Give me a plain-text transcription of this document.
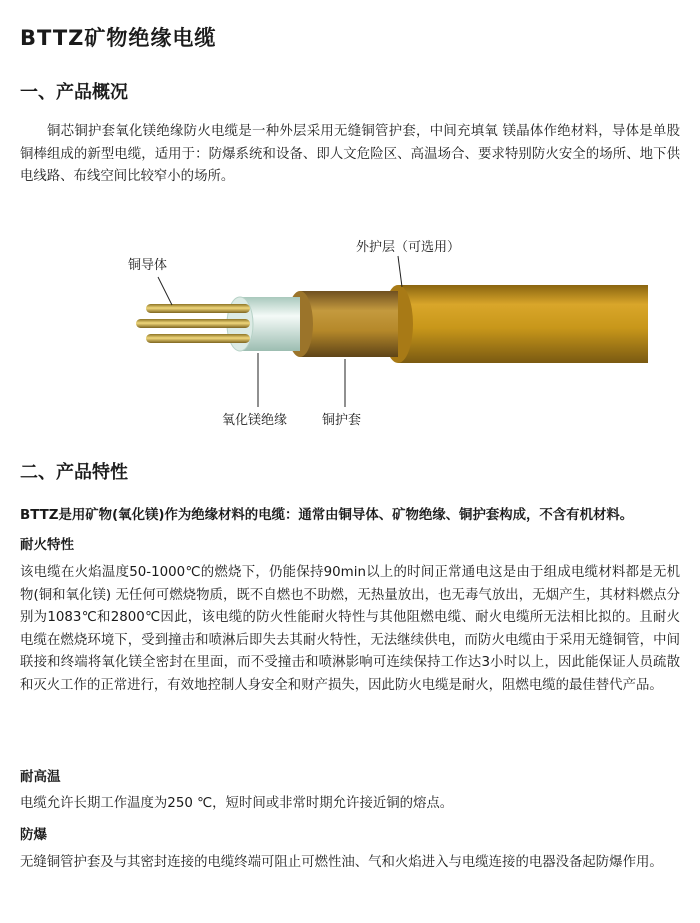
BTTZ矿物绝缘电缆
一、产品概况
铜芯铜护套氧化镁绝缘防火电缆是一种外层采用无缝铜管护套，中间充填氧 镁晶体作绝材料，导体是单股铜棒组成的新型电缆，适用于：防爆系统和设备、即人文危险区、高温场合、要求特别防火安全的场所、地下供电线路、布线空间比较窄小的场所。
铜导体
外护层（可选用）
氧化镁绝缘	铜护套
二、产品特性
BTTZ是用矿物(氧化镁)作为绝缘材料的电缆：通常由铜导体、矿物绝缘、铜护套构成，不含有机材料。
耐火特性
该电缆在火焰温度50-1000℃的燃烧下，仍能保持90min以上的时间正常通电这是由于组成电缆材料都是无机物(铜和氧化镁) 无任何可燃烧物质，既不自燃也不助燃，无热量放出，也无毒气放出，无烟产生，其材料燃点分别为1083℃和2800℃因此，该电缆的防火性能耐火特性与其他阻燃电缆、耐火电缆所无法相比拟的。且耐火电缆在燃烧环境下，受到撞击和喷淋后即失去其耐火特性，无法继续供电，而防火电缆由于采用无缝铜管，中间联接和终端将氧化镁全密封在里面，而不受撞击和喷淋影响可连续保持工作达3小时以上，因此能保证人员疏散和灭火工作的正常进行，有效地控制人身安全和财产损失，因此防火电缆是耐火，阻燃电缆的最佳替代产品。
耐高温
电缆允许长期工作温度为250 ℃，短时间或非常时期允许接近铜的熔点。
防爆
无缝铜管护套及与其密封连接的电缆终端可阻止可燃性油、气和火焰进入与电缆连接的电器没备起防爆作用。
